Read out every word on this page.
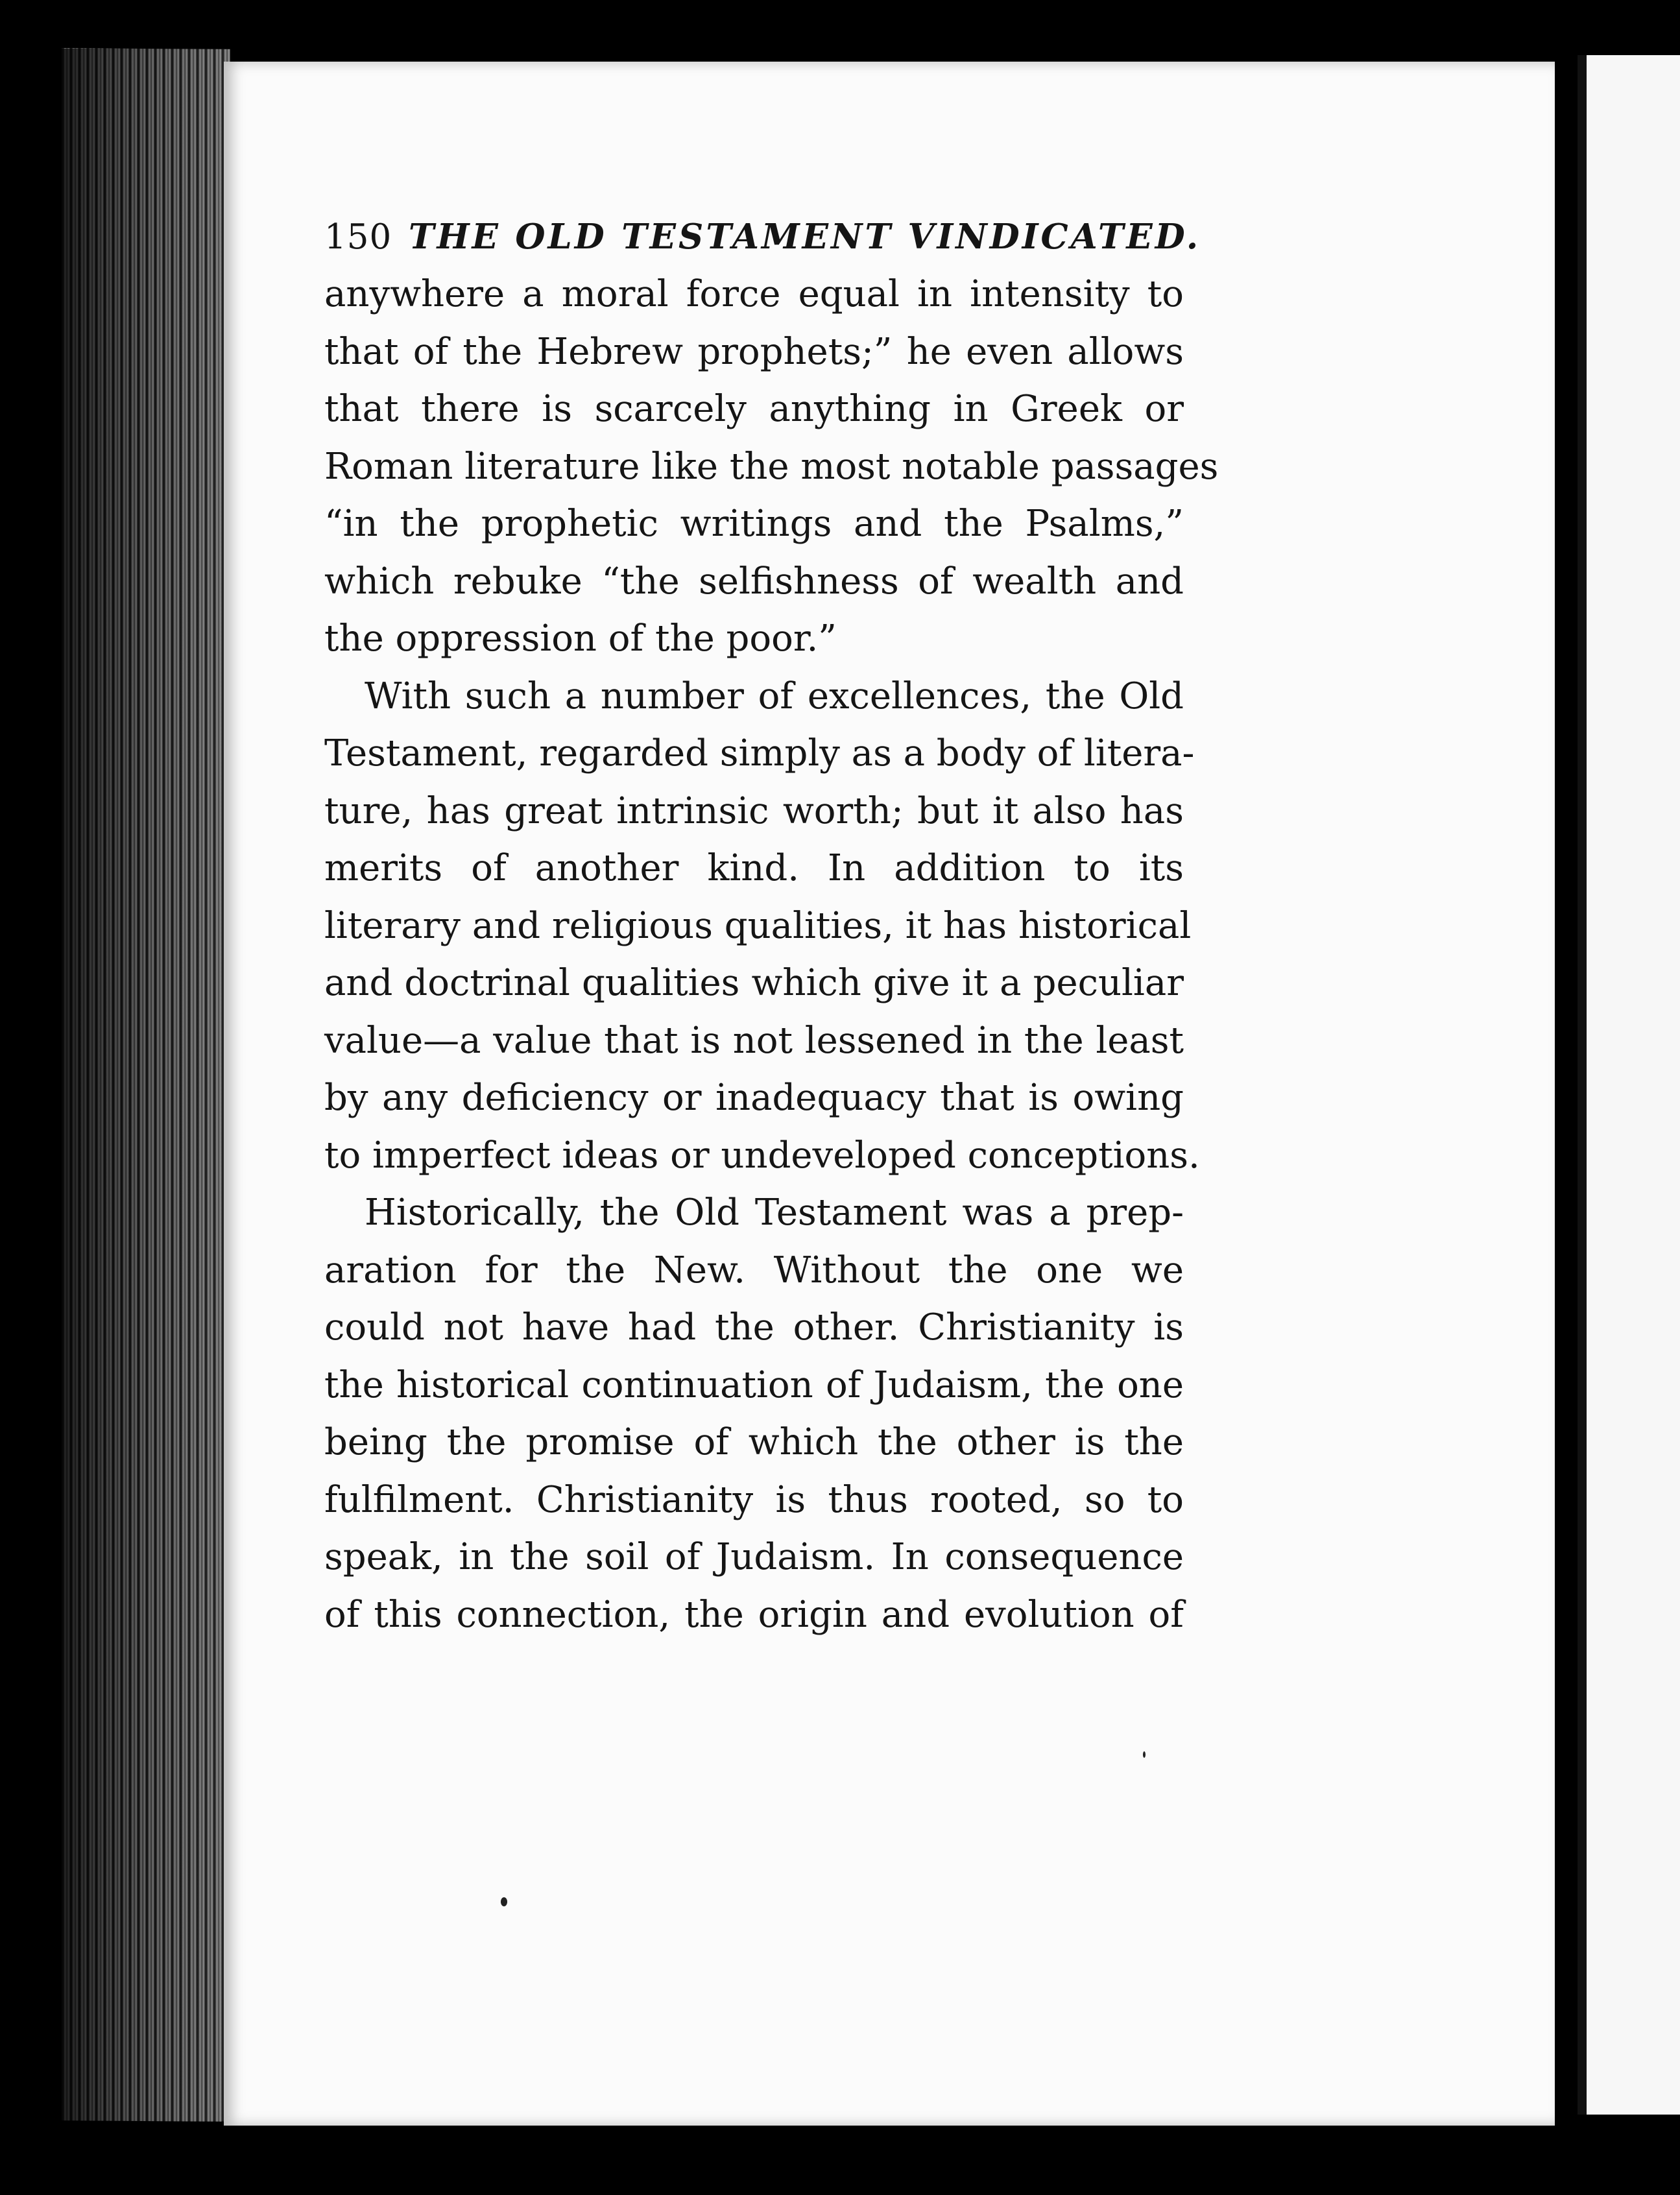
150 THE OLD TESTAMENT VINDICATED.
anywhere a moral force equal in intensity to
that of the Hebrew prophets;” he even allows
that there is scarcely anything in Greek or
Roman literature like the most notable passages
“in the prophetic writings and the Psalms,”
which rebuke “the selfishness of wealth and
the oppression of the poor.”
With such a number of excellences, the Old
Testament, regarded simply as a body of litera-
ture, has great intrinsic worth; but it also has
merits of another kind. In addition to its
literary and religious qualities, it has historical
and doctrinal qualities which give it a peculiar
value—a value that is not lessened in the least
by any deficiency or inadequacy that is owing
to imperfect ideas or undeveloped conceptions.
Historically, the Old Testament was a prep-
aration for the New. Without the one we
could not have had the other. Christianity is
the historical continuation of Judaism, the one
being the promise of which the other is the
fulfilment. Christianity is thus rooted, so to
speak, in the soil of Judaism. In consequence
of this connection, the origin and evolution of
